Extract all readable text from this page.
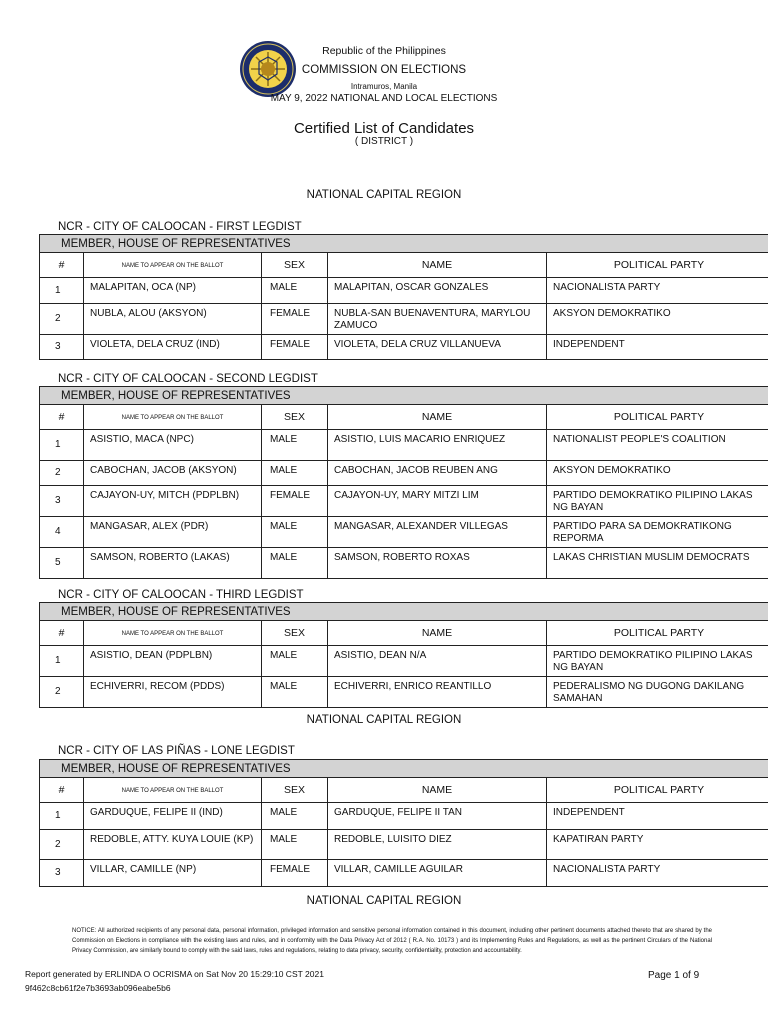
Republic of the Philippines
COMMISSION ON ELECTIONS
Intramuros, Manila
MAY 9, 2022 NATIONAL AND LOCAL ELECTIONS
Certified List of Candidates
( DISTRICT )
NATIONAL CAPITAL REGION
NCR - CITY OF CALOOCAN - FIRST LEGDIST
MEMBER, HOUSE OF REPRESENTATIVES				
#	NAME TO APPEAR ON THE BALLOT	SEX	NAME	POLITICAL PARTY
1	MALAPITAN, OCA (NP)	MALE	MALAPITAN, OSCAR GONZALES	NACIONALISTA PARTY
2	NUBLA, ALOU (AKSYON)	FEMALE	NUBLA-SAN BUENAVENTURA, MARYLOU ZAMUCO	AKSYON DEMOKRATIKO
3	VIOLETA, DELA CRUZ (IND)	FEMALE	VIOLETA, DELA CRUZ VILLANUEVA	INDEPENDENT
NCR - CITY OF CALOOCAN - SECOND LEGDIST
MEMBER, HOUSE OF REPRESENTATIVES				
#	NAME TO APPEAR ON THE BALLOT	SEX	NAME	POLITICAL PARTY
1	ASISTIO, MACA (NPC)	MALE	ASISTIO, LUIS MACARIO ENRIQUEZ	NATIONALIST PEOPLE'S COALITION
2	CABOCHAN, JACOB (AKSYON)	MALE	CABOCHAN, JACOB REUBEN ANG	AKSYON DEMOKRATIKO
3	CAJAYON-UY, MITCH (PDPLBN)	FEMALE	CAJAYON-UY, MARY MITZI LIM	PARTIDO DEMOKRATIKO PILIPINO LAKAS NG BAYAN
4	MANGASAR, ALEX (PDR)	MALE	MANGASAR, ALEXANDER VILLEGAS	PARTIDO PARA SA DEMOKRATIKONG REPORMA
5	SAMSON, ROBERTO (LAKAS)	MALE	SAMSON, ROBERTO ROXAS	LAKAS CHRISTIAN MUSLIM DEMOCRATS
NCR - CITY OF CALOOCAN - THIRD LEGDIST
MEMBER, HOUSE OF REPRESENTATIVES				
#	NAME TO APPEAR ON THE BALLOT	SEX	NAME	POLITICAL PARTY
1	ASISTIO, DEAN (PDPLBN)	MALE	ASISTIO, DEAN N/A	PARTIDO DEMOKRATIKO PILIPINO LAKAS NG BAYAN
2	ECHIVERRI, RECOM (PDDS)	MALE	ECHIVERRI, ENRICO REANTILLO	PEDERALISMO NG DUGONG DAKILANG SAMAHAN
NATIONAL CAPITAL REGION
NCR - CITY OF LAS PIÑAS - LONE LEGDIST
MEMBER, HOUSE OF REPRESENTATIVES				
#	NAME TO APPEAR ON THE BALLOT	SEX	NAME	POLITICAL PARTY
1	GARDUQUE, FELIPE II (IND)	MALE	GARDUQUE, FELIPE II TAN	INDEPENDENT
2	REDOBLE, ATTY. KUYA LOUIE (KP)	MALE	REDOBLE, LUISITO DIEZ	KAPATIRAN PARTY
3	VILLAR, CAMILLE (NP)	FEMALE	VILLAR, CAMILLE AGUILAR	NACIONALISTA PARTY
NATIONAL CAPITAL REGION
NOTICE: All authorized recipients of any personal data, personal information, privileged information and sensitive personal information contained in this document, including other pertinent documents attached thereto that are shared by the Commission on Elections in compliance with the existing laws and rules, and in conformity with the Data Privacy Act of 2012 ( R.A. No. 10173 ) and its Implementing Rules and Regulations, as well as the pertinent Circulars of the National Privacy Commission, are similarly bound to comply with the said laws, rules and regulations, relating to data privacy, security, confidentiality, protection and accountability.
Report generated by ERLINDA O OCRISMA on Sat Nov 20 15:29:10 CST 2021
9f462c8cb61f2e7b3693ab096eabe5b6
Page 1 of 9
